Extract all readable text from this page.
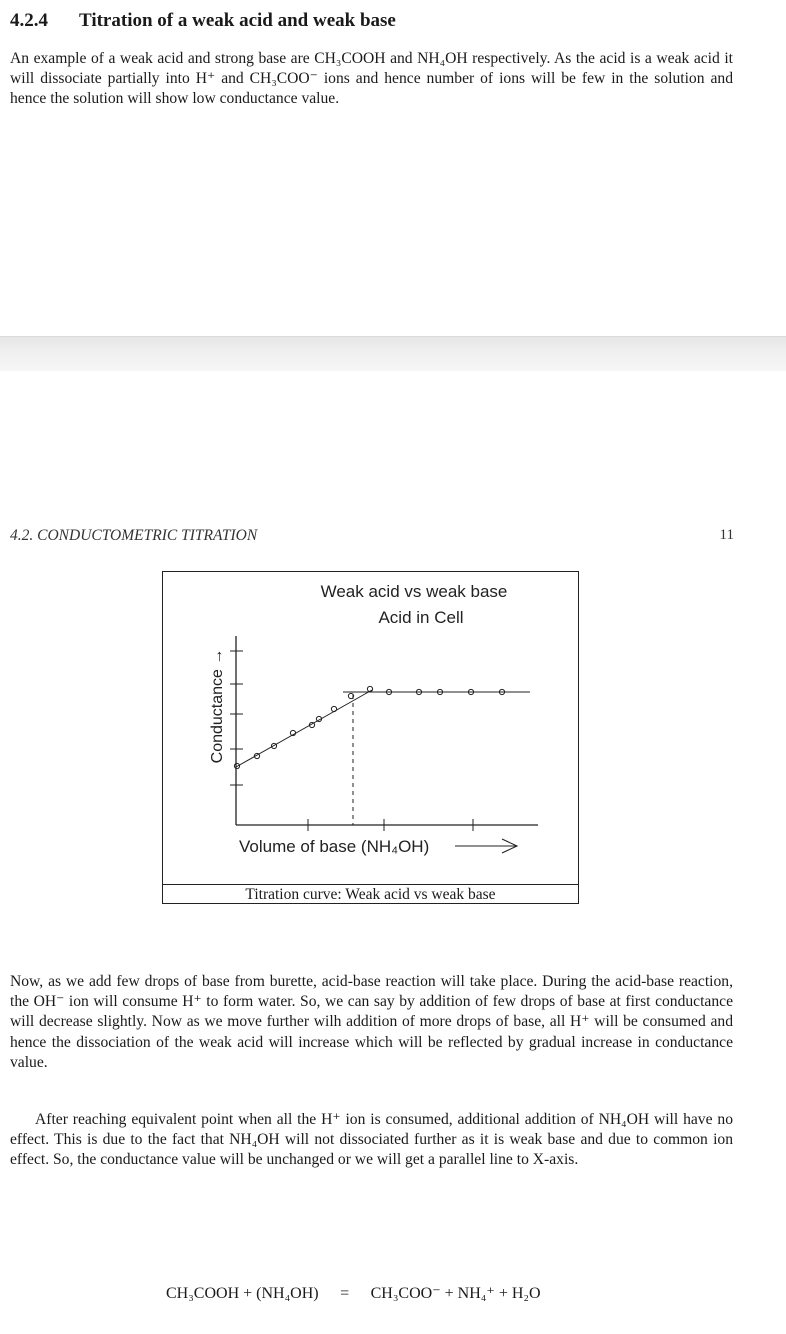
4.2.4 Titration of a weak acid and weak base

An example of a weak acid and strong base are CH₃COOH and NH₄OH respectively. As the acid is a weak acid it will dissociate partially into H⁺ and CH₃COO⁻ ions and hence number of ions will be few in the solution and hence the solution will show low conductance value.

4.2. CONDUCTOMETRIC TITRATION	11
Weak acid vs weak base
Acid in Cell
Conductance →
Volume of base (NH₄OH)
Titration curve: Weak acid vs weak base

Now, as we add few drops of base from burette, acid-base reaction will take place. During the acid-base reaction, the OH⁻ ion will consume H⁺ to form water. So, we can say by addition of few drops of base at first conductance will decrease slightly. Now as we move further wilh addition of more drops of base, all H⁺ will be consumed and hence the dissociation of the weak acid will increase which will be reflected by gradual increase in conductance value.

After reaching equivalent point when all the H⁺ ion is consumed, additional addition of NH₄OH will have no effect. This is due to the fact that NH₄OH will not dissociated further as it is weak base and due to common ion effect. So, the conductance value will be unchanged or we will get a parallel line to X-axis.

CH₃COOH + (NH₄OH) = CH₃COO⁻ + NH₄⁺ + H₂O
